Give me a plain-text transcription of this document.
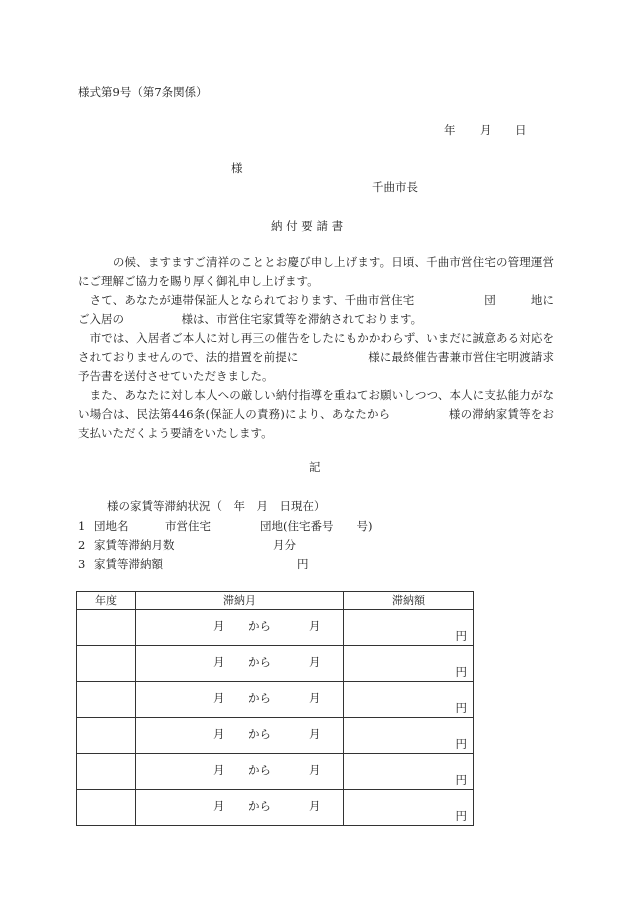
様式第9号（第7条関係）
年 月 日
様
千曲市長
納 付 要 請 書
　　　の候、ますますご清祥のこととお慶び申し上げます。日頃、千曲市営住宅の管理運営にご理解ご協力を賜り厚く御礼申し上げます。
　さて、あなたが連帯保証人となられております、千曲市営住宅　　　　　　団　　　地にご入居の　　　　　様は、市営住宅家賃等を滞納されております。
　市では、入居者ご本人に対し再三の催告をしたにもかかわらず、いまだに誠意ある対応をされておりませんので、法的措置を前提に　　　　　　様に最終催告書兼市営住宅明渡請求予告書を送付させていただきました。
　また、あなたに対し本人への厳しい納付指導を重ねてお願いしつつ、本人に支払能力がない場合は、民法第446条(保証人の責務)により、あなたから　　　　　様の滞納家賃等をお支払いただくよう要請をいたします。
記
様の家賃等滞納状況（　年　月　日現在）
1 団地名	市営住宅	団地(住宅番号　　号)
2 家賃等滞納月数	月分
3 家賃等滞納額	円
年度	滞納月	滞納額

	月 から 月	円

	月 から 月	円

	月 から 月	円

	月 から 月	円

	月 から 月	円

	月 から 月	円
